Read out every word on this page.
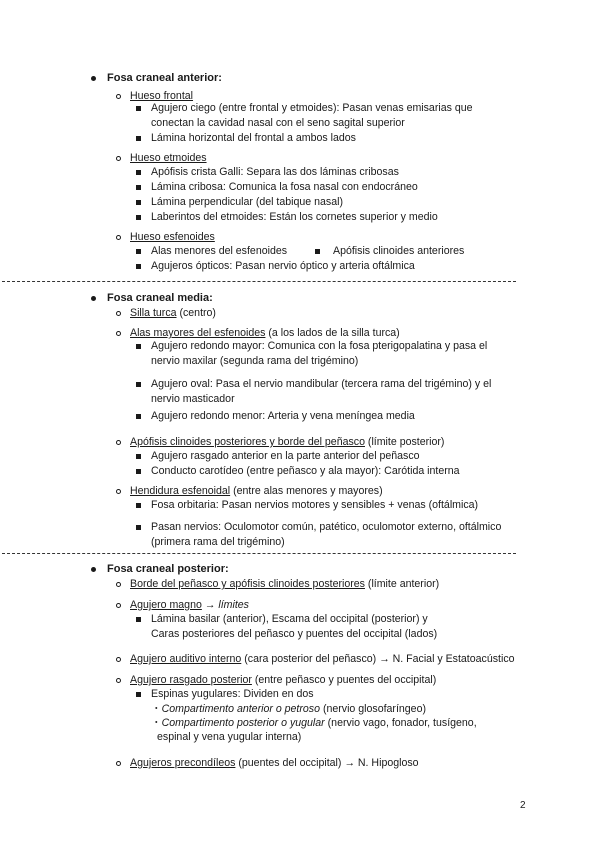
Fosa craneal anterior:
Hueso frontal
Agujero ciego (entre frontal y etmoides): Pasan venas emisarias que
conectan la cavidad nasal con el seno sagital superior
Lámina horizontal del frontal a ambos lados
Hueso etmoides
Apófisis crista Galli: Separa las dos láminas cribosas
Lámina cribosa: Comunica la fosa nasal con endocráneo
Lámina perpendicular (del tabique nasal)
Laberintos del etmoides: Están los cornetes superior y medio
Hueso esfenoides
Alas menores del esfenoides	Apófisis clinoides anteriores
Agujeros ópticos: Pasan nervio óptico y arteria oftálmica
Fosa craneal media:
Silla turca (centro)
Alas mayores del esfenoides (a los lados de la silla turca)
Agujero redondo mayor: Comunica con la fosa pterigopalatina y pasa el
nervio maxilar (segunda rama del trigémino)
Agujero oval: Pasa el nervio mandibular (tercera rama del trigémino) y el
nervio masticador
Agujero redondo menor: Arteria y vena meníngea media
Apófisis clinoides posteriores y borde del peñasco (límite posterior)
Agujero rasgado anterior en la parte anterior del peñasco
Conducto carotídeo (entre peñasco y ala mayor): Carótida interna
Hendidura esfenoidal (entre alas menores y mayores)
Fosa orbitaria: Pasan nervios motores y sensibles + venas (oftálmica)
Pasan nervios: Oculomotor común, patético, oculomotor externo, oftálmico
(primera rama del trigémino)
Fosa craneal posterior:
Borde del peñasco y apófisis clinoides posteriores (límite anterior)
Agujero magno → límites
Lámina basilar (anterior), Escama del occipital (posterior) y
Caras posteriores del peñasco y puentes del occipital (lados)
Agujero auditivo interno (cara posterior del peñasco) → N. Facial y Estatoacústico
Agujero rasgado posterior (entre peñasco y puentes del occipital)
Espinas yugulares: Dividen en dos
・Compartimento anterior o petroso (nervio glosofaríngeo)
・Compartimento posterior o yugular (nervio vago, fonador, tusígeno,
espinal y vena yugular interna)
Agujeros precondíleos (puentes del occipital) → N. Hipogloso
2
